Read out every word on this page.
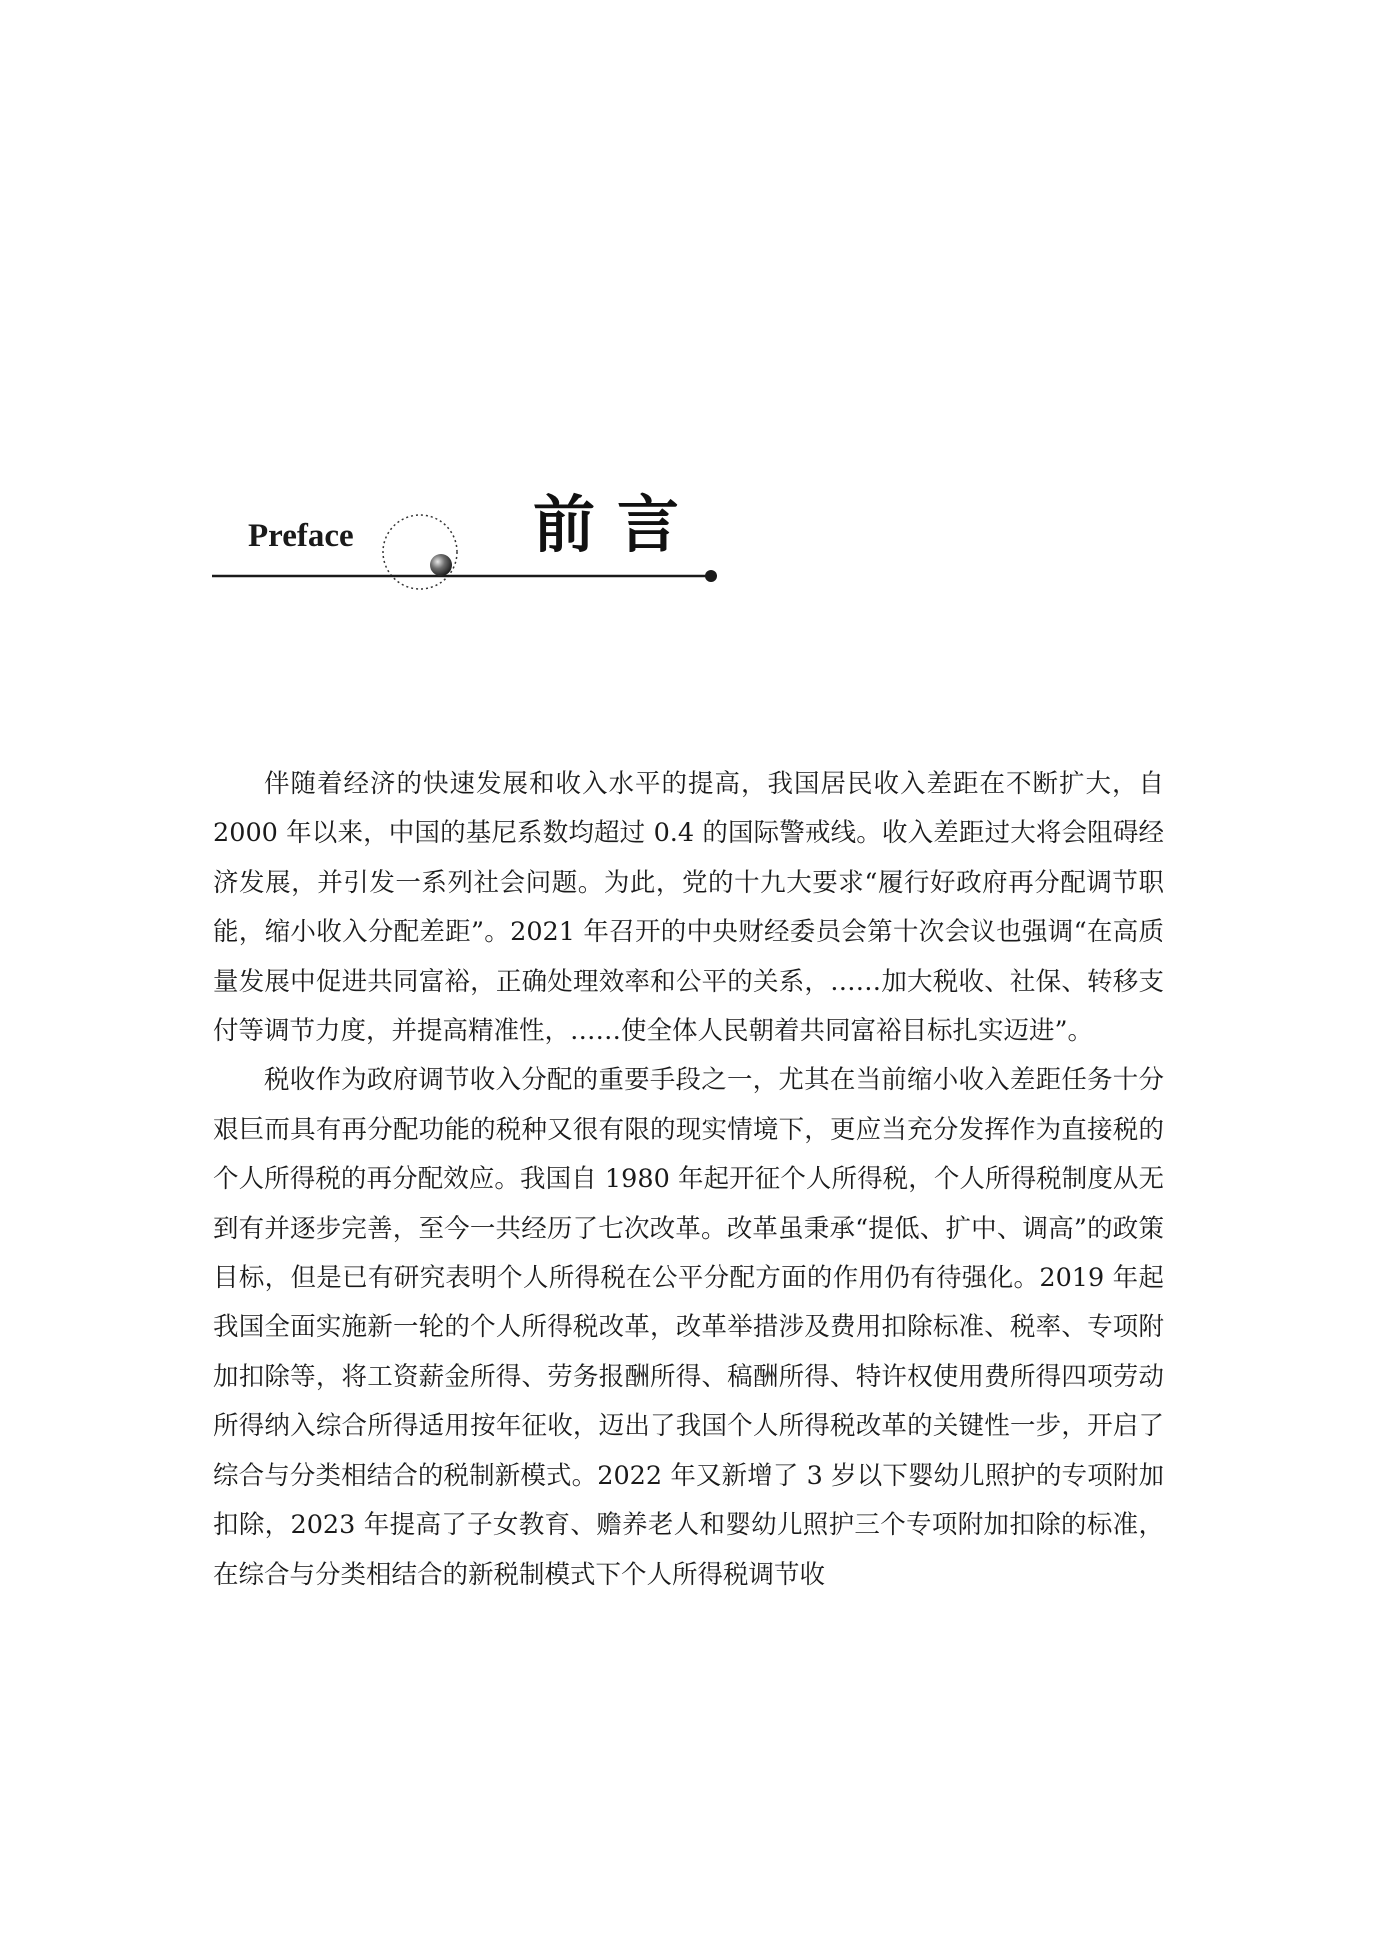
Preface	前言

伴随着经济的快速发展和收入水平的提高，我国居民收入差距在不断扩大，自 2000 年以来，中国的基尼系数均超过 0.4 的国际警戒线。收入差距过大将会阻碍经济发展，并引发一系列社会问题。为此，党的十九大要求“履行好政府再分配调节职能，缩小收入分配差距”。2021 年召开的中央财经委员会第十次会议也强调“在高质量发展中促进共同富裕，正确处理效率和公平的关系，……加大税收、社保、转移支付等调节力度，并提高精准性，……使全体人民朝着共同富裕目标扎实迈进”。

税收作为政府调节收入分配的重要手段之一，尤其在当前缩小收入差距任务十分艰巨而具有再分配功能的税种又很有限的现实情境下，更应当充分发挥作为直接税的个人所得税的再分配效应。我国自 1980 年起开征个人所得税，个人所得税制度从无到有并逐步完善，至今一共经历了七次改革。改革虽秉承“提低、扩中、调高”的政策目标，但是已有研究表明个人所得税在公平分配方面的作用仍有待强化。2019 年起我国全面实施新一轮的个人所得税改革，改革举措涉及费用扣除标准、税率、专项附加扣除等，将工资薪金所得、劳务报酬所得、稿酬所得、特许权使用费所得四项劳动所得纳入综合所得适用按年征收，迈出了我国个人所得税改革的关键性一步，开启了综合与分类相结合的税制新模式。2022 年又新增了 3 岁以下婴幼儿照护的专项附加扣除，2023 年提高了子女教育、赡养老人和婴幼儿照护三个专项附加扣除的标准，在综合与分类相结合的新税制模式下个人所得税调节收
